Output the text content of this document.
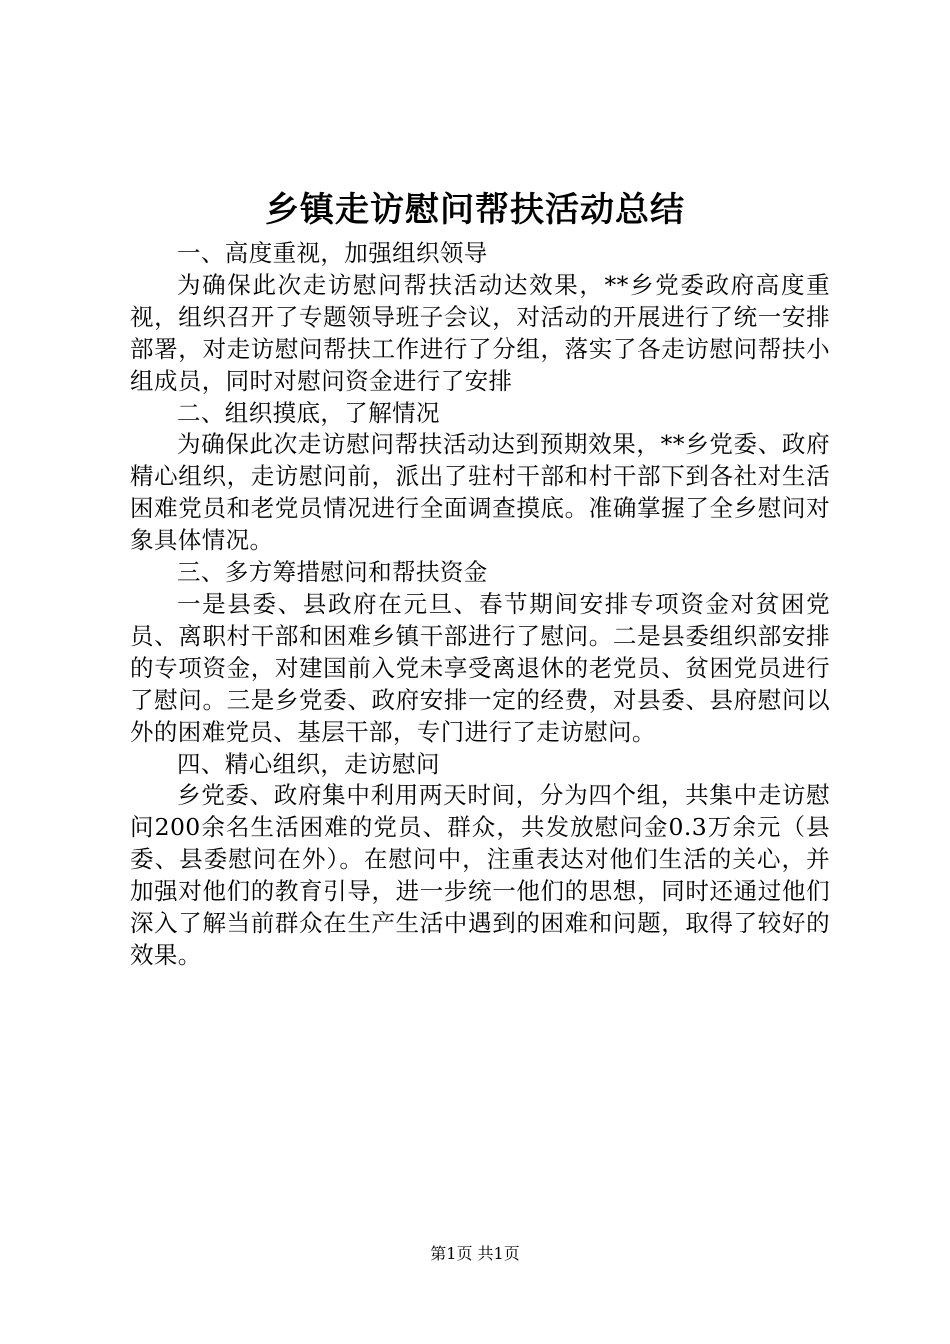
乡镇走访慰问帮扶活动总结
一、高度重视，加强组织领导

为确保此次走访慰问帮扶活动达效果，**乡党委政府高度重视，组织召开了专题领导班子会议，对活动的开展进行了统一安排部署，对走访慰问帮扶工作进行了分组，落实了各走访慰问帮扶小组成员，同时对慰问资金进行了安排

二、组织摸底，了解情况

为确保此次走访慰问帮扶活动达到预期效果，**乡党委、政府精心组织，走访慰问前，派出了驻村干部和村干部下到各社对生活困难党员和老党员情况进行全面调查摸底。准确掌握了全乡慰问对象具体情况。

三、多方筹措慰问和帮扶资金

一是县委、县政府在元旦、春节期间安排专项资金对贫困党员、离职村干部和困难乡镇干部进行了慰问。二是县委组织部安排的专项资金，对建国前入党未享受离退休的老党员、贫困党员进行了慰问。三是乡党委、政府安排一定的经费，对县委、县府慰问以外的困难党员、基层干部，专门进行了走访慰问。

四、精心组织，走访慰问

乡党委、政府集中利用两天时间，分为四个组，共集中走访慰问200余名生活困难的党员、群众，共发放慰问金0.3万余元（县委、县委慰问在外）。在慰问中，注重表达对他们生活的关心，并加强对他们的教育引导，进一步统一他们的思想，同时还通过他们深入了解当前群众在生产生活中遇到的困难和问题，取得了较好的效果。

第1页 共1页
